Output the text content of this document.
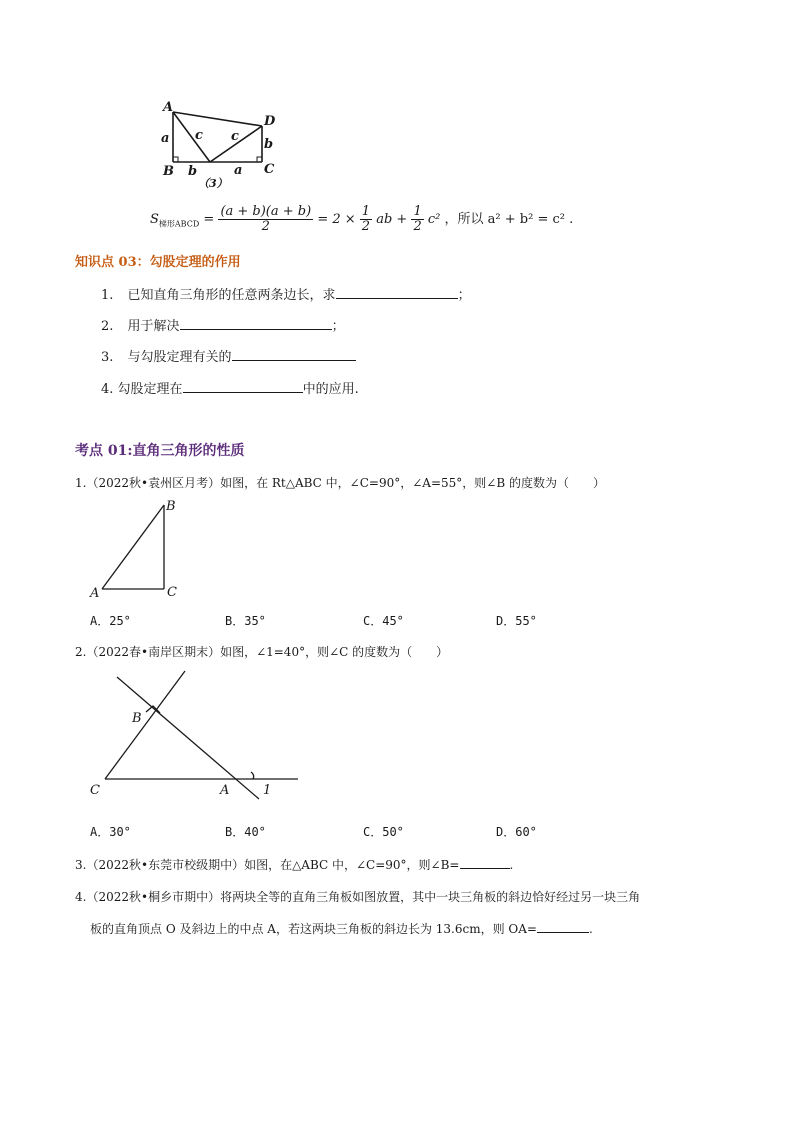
A
B	C
D
a c c
b
b	a
（3）
$S_{梯形ABCD} = \frac{(a + b)(a + b)}{2} = 2 \times \frac{1}{2}$ ab + $\frac{1}{2} c^2$ ，所以 a² + b² = c² .
知识点 03：勾股定理的作用
1. 已知直角三角形的任意两条边长，求	；
2. 用于解决	；
3. 与勾股定理有关的
4. 勾股定理在	中的应用.
考点 01:直角三角形的性质
1.（2022秋•袁州区月考）如图，在 Rt△ABC 中，∠C=90°，∠A=55°，则∠B 的度数为（　　）
B
A	C
A．25°	B．35°	C．45°	D．55°
2.（2022春•南岸区期末）如图，∠1=40°，则∠C 的度数为（　　）
B
C	A	1
A．30°	B．40°	C．50°	D．60°
3.（2022秋•东莞市校级期中）如图，在△ABC 中，∠C=90°，则∠B=	.
4.（2022秋•桐乡市期中）将两块全等的直角三角板如图放置，其中一块三角板的斜边恰好经过另一块三角
板的直角顶点 O 及斜边上的中点 A，若这两块三角板的斜边长为 13.6cm，则 OA=	.
